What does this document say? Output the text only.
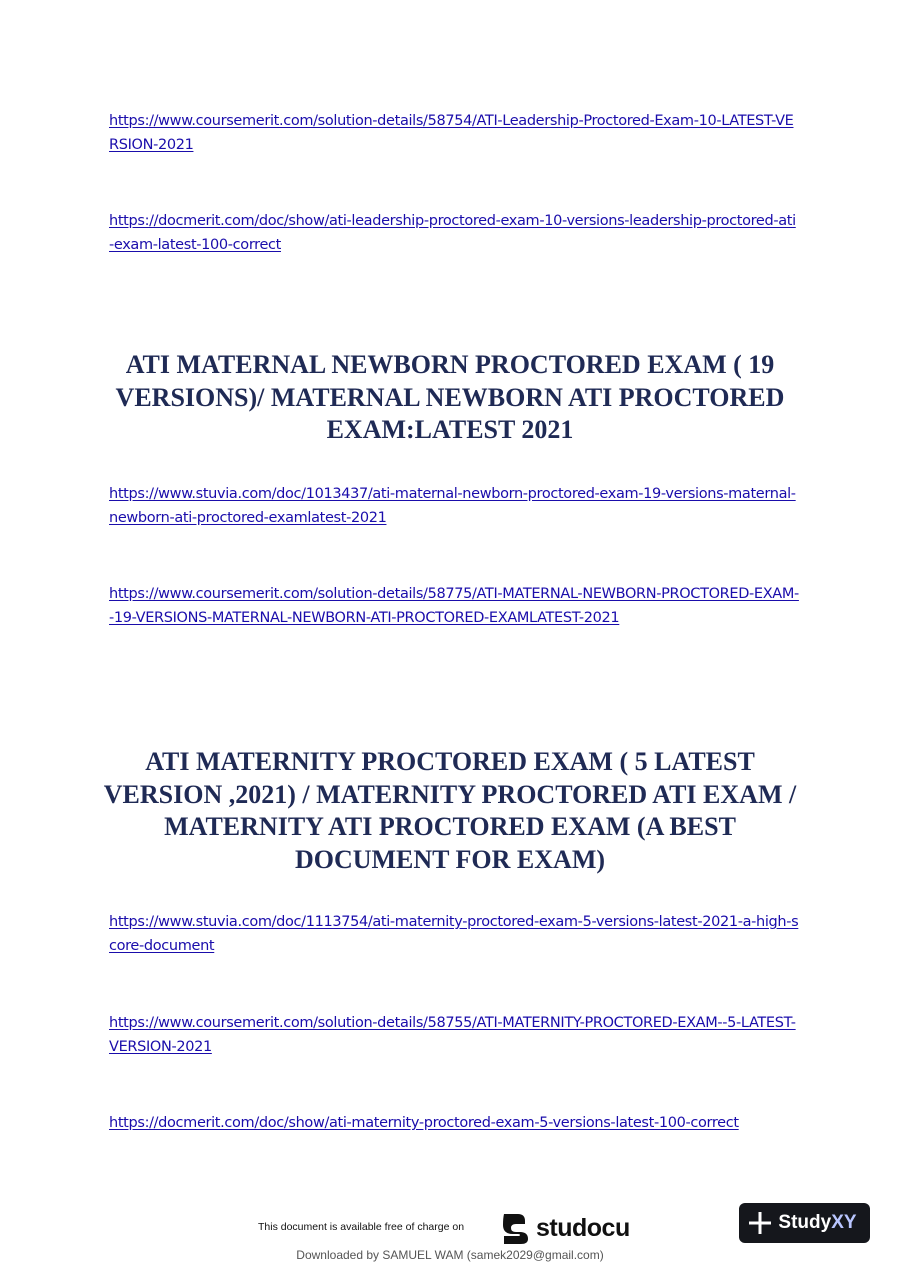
https://www.coursemerit.com/solution-details/58754/ATI-Leadership-Proctored-Exam-10-LATEST-VERSION-2021
https://docmerit.com/doc/show/ati-leadership-proctored-exam-10-versions-leadership-proctored-ati-exam-latest-100-correct
ATI MATERNAL NEWBORN PROCTORED EXAM ( 19 VERSIONS)/ MATERNAL NEWBORN ATI PROCTORED EXAM:LATEST 2021
https://www.stuvia.com/doc/1013437/ati-maternal-newborn-proctored-exam-19-versions-maternal-newborn-ati-proctored-examlatest-2021
https://www.coursemerit.com/solution-details/58775/ATI-MATERNAL-NEWBORN-PROCTORED-EXAM--19-VERSIONS-MATERNAL-NEWBORN-ATI-PROCTORED-EXAMLATEST-2021
ATI MATERNITY PROCTORED EXAM ( 5 LATEST VERSION ,2021) / MATERNITY PROCTORED ATI EXAM / MATERNITY ATI PROCTORED EXAM (A BEST DOCUMENT FOR EXAM)
https://www.stuvia.com/doc/1113754/ati-maternity-proctored-exam-5-versions-latest-2021-a-high-score-document
https://www.coursemerit.com/solution-details/58755/ATI-MATERNITY-PROCTORED-EXAM--5-LATEST-VERSION-2021
https://docmerit.com/doc/show/ati-maternity-proctored-exam-5-versions-latest-100-correct
This document is available free of charge on	studocu	StudyXY
Downloaded by SAMUEL WAM (samek2029@gmail.com)
